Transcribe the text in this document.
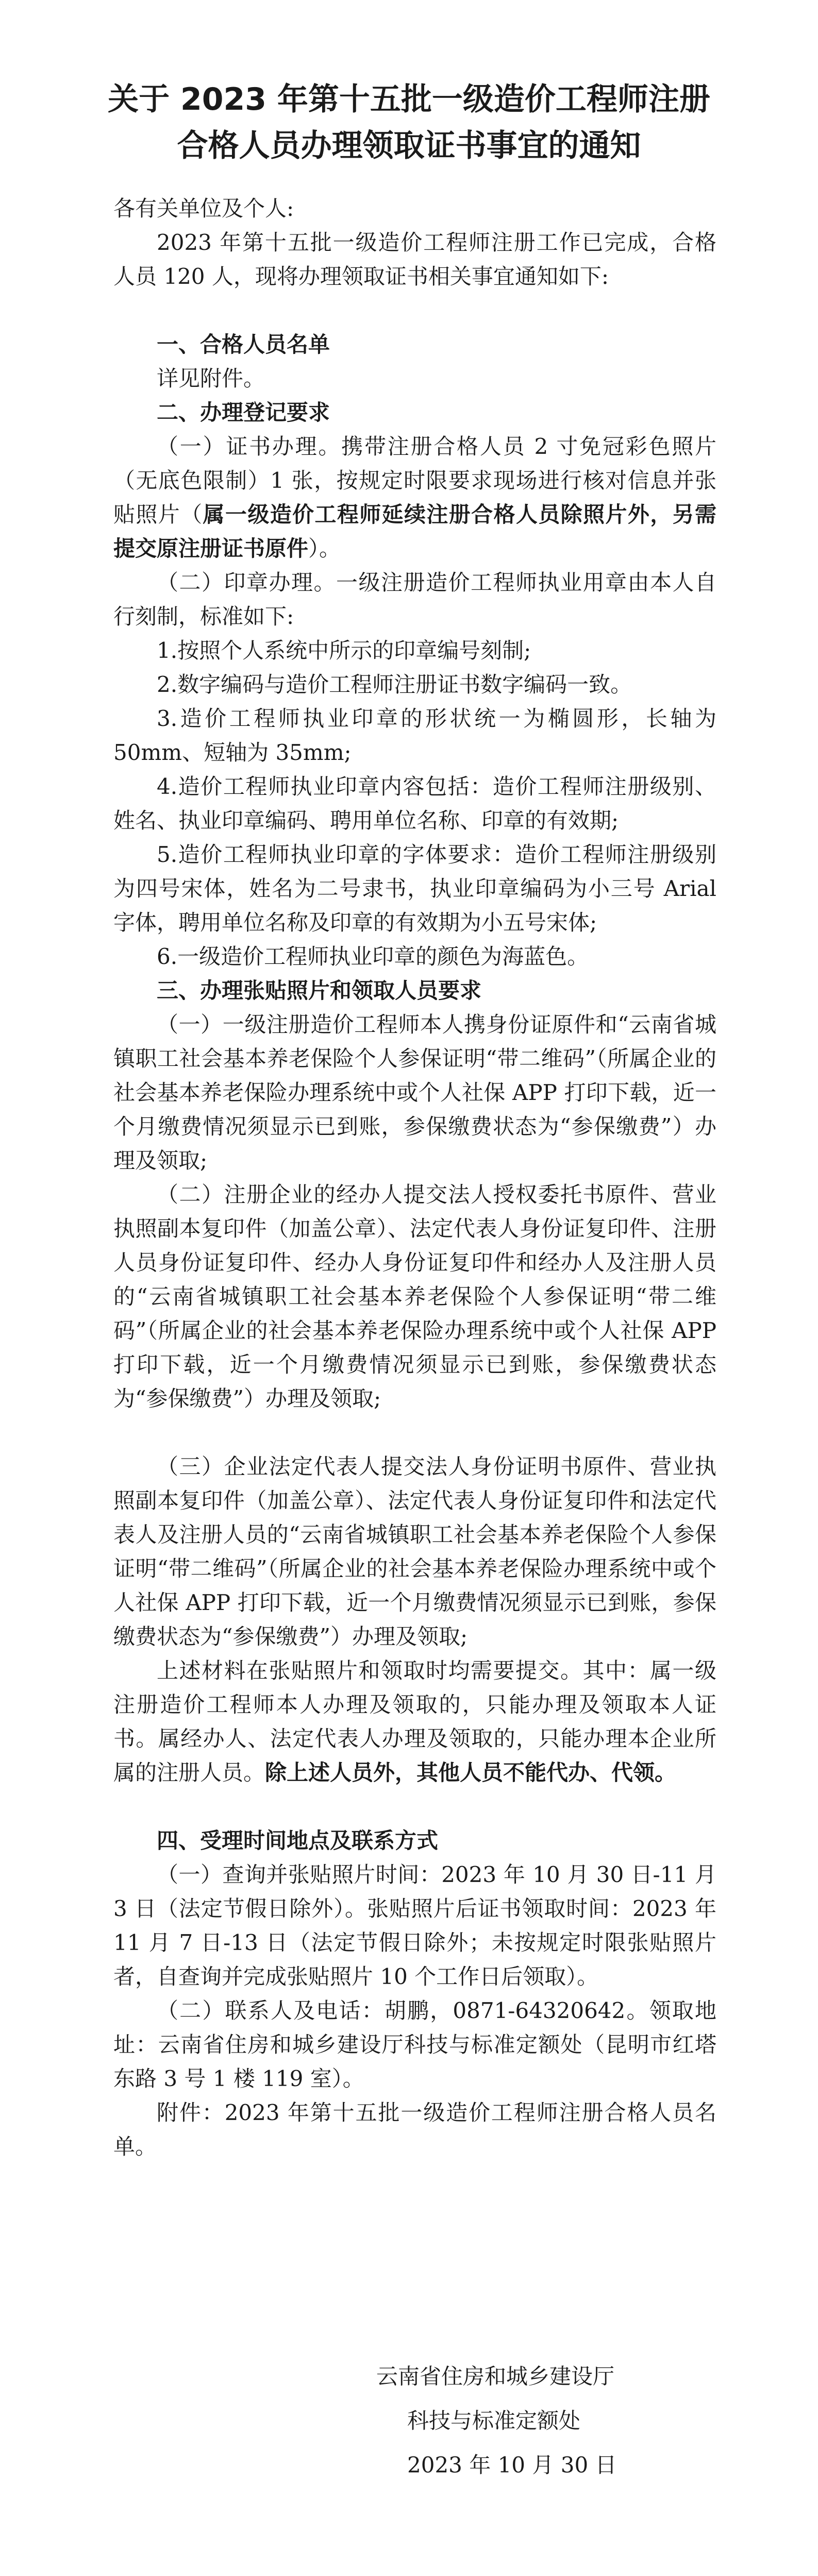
关于 2023 年第十五批一级造价工程师注册
合格人员办理领取证书事宜的通知

各有关单位及个人:

2023 年第十五批一级造价工程师注册工作已完成，合格人员 120 人，现将办理领取证书相关事宜通知如下:

一、合格人员名单

详见附件。

二、办理登记要求

（一）证书办理。携带注册合格人员 2 寸免冠彩色照片（无底色限制）1 张，按规定时限要求现场进行核对信息并张贴照片（属一级造价工程师延续注册合格人员除照片外，另需提交原注册证书原件）。

（二）印章办理。一级注册造价工程师执业用章由本人自行刻制，标准如下:

1.按照个人系统中所示的印章编号刻制;

2.数字编码与造价工程师注册证书数字编码一致。

3.造价工程师执业印章的形状统一为椭圆形，长轴为 50mm、短轴为 35mm;

4.造价工程师执业印章内容包括：造价工程师注册级别、姓名、执业印章编码、聘用单位名称、印章的有效期;

5.造价工程师执业印章的字体要求：造价工程师注册级别为四号宋体，姓名为二号隶书，执业印章编码为小三号 Arial 字体，聘用单位名称及印章的有效期为小五号宋体;

6.一级造价工程师执业印章的颜色为海蓝色。

三、办理张贴照片和领取人员要求

（一）一级注册造价工程师本人携身份证原件和“云南省城镇职工社会基本养老保险个人参保证明“带二维码”（所属企业的社会基本养老保险办理系统中或个人社保 APP 打印下载，近一个月缴费情况须显示已到账，参保缴费状态为“参保缴费”）办理及领取;

（二）注册企业的经办人提交法人授权委托书原件、营业执照副本复印件（加盖公章）、法定代表人身份证复印件、注册人员身份证复印件、经办人身份证复印件和经办人及注册人员的“云南省城镇职工社会基本养老保险个人参保证明“带二维码”（所属企业的社会基本养老保险办理系统中或个人社保 APP 打印下载，近一个月缴费情况须显示已到账，参保缴费状态为“参保缴费”）办理及领取;

（三）企业法定代表人提交法人身份证明书原件、营业执照副本复印件（加盖公章）、法定代表人身份证复印件和法定代表人及注册人员的“云南省城镇职工社会基本养老保险个人参保证明“带二维码”（所属企业的社会基本养老保险办理系统中或个人社保 APP 打印下载，近一个月缴费情况须显示已到账，参保缴费状态为“参保缴费”）办理及领取;

上述材料在张贴照片和领取时均需要提交。其中：属一级注册造价工程师本人办理及领取的，只能办理及领取本人证书。属经办人、法定代表人办理及领取的，只能办理本企业所属的注册人员。除上述人员外，其他人员不能代办、代领。

四、受理时间地点及联系方式

（一）查询并张贴照片时间：2023 年 10 月 30 日-11 月 3 日（法定节假日除外）。张贴照片后证书领取时间：2023 年 11 月 7 日-13 日（法定节假日除外；未按规定时限张贴照片者，自查询并完成张贴照片 10 个工作日后领取）。

（二）联系人及电话：胡鹏，0871-64320642。领取地址：云南省住房和城乡建设厅科技与标准定额处（昆明市红塔东路 3 号 1 楼 119 室）。

附件：2023 年第十五批一级造价工程师注册合格人员名单。

云南省住房和城乡建设厅

科技与标准定额处

2023 年 10 月 30 日
